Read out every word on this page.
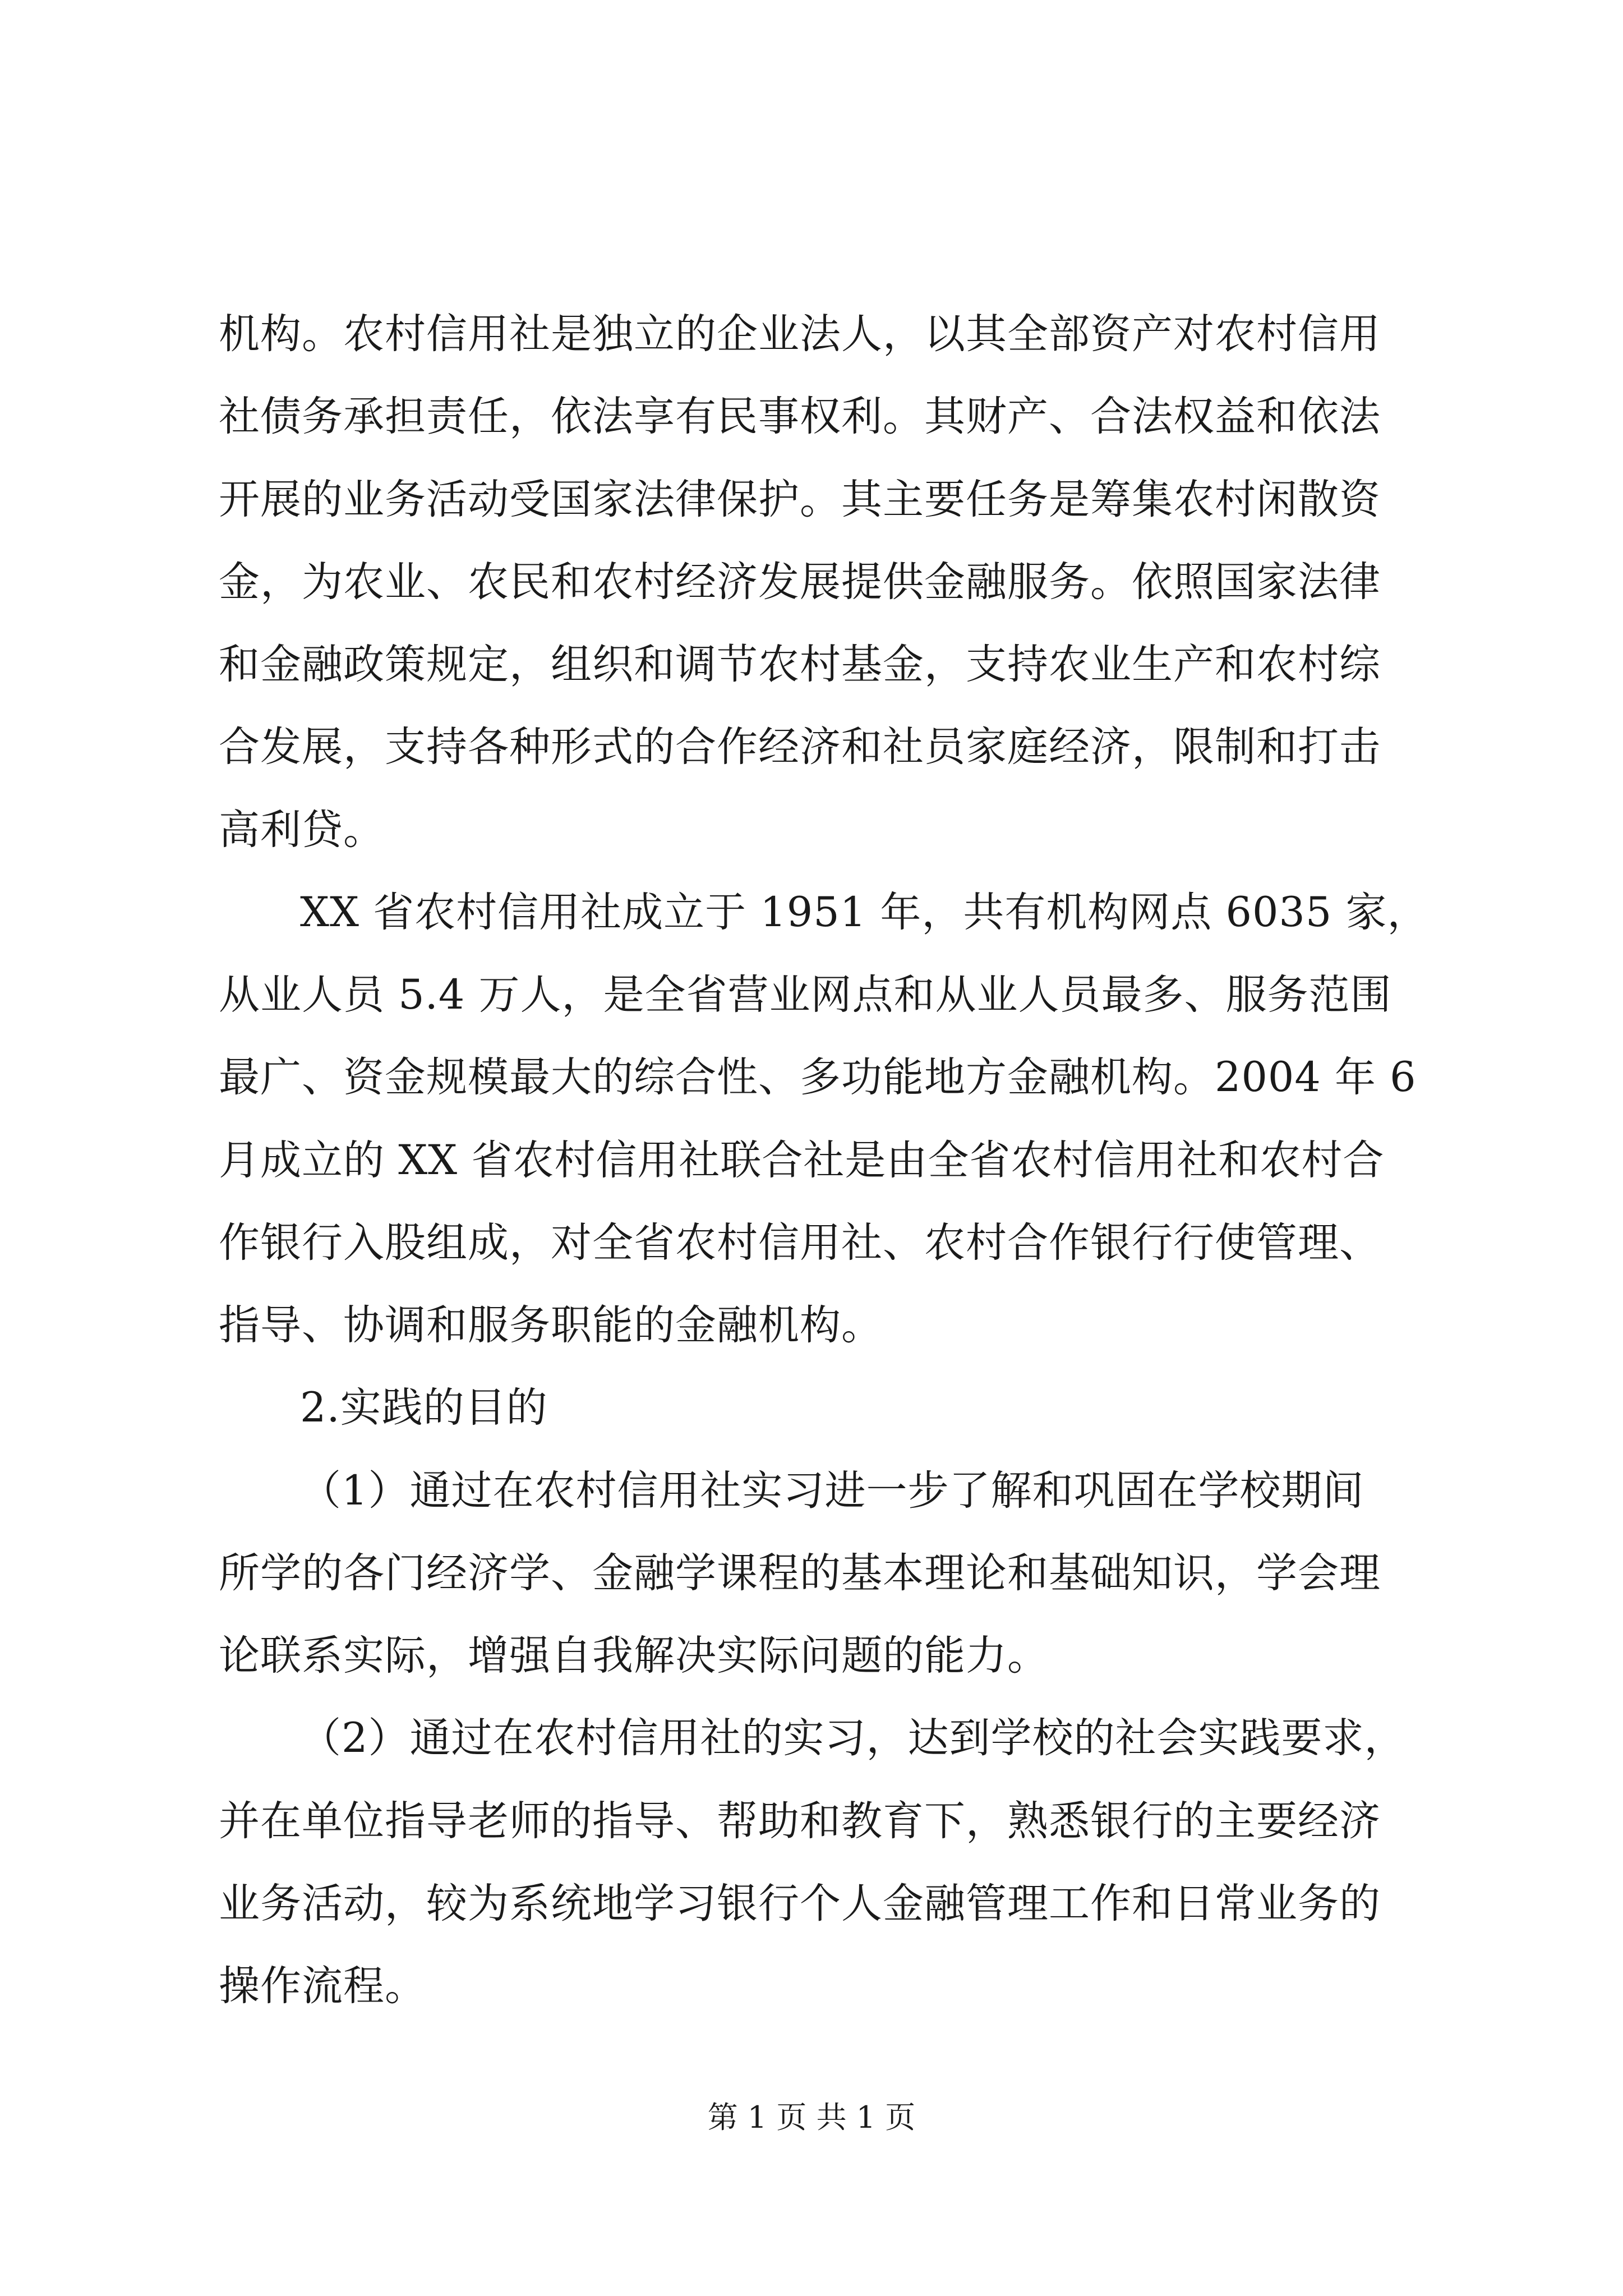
机构。农村信用社是独立的企业法人，以其全部资产对农村信用
社债务承担责任，依法享有民事权利。其财产、合法权益和依法
开展的业务活动受国家法律保护。其主要任务是筹集农村闲散资
金，为农业、农民和农村经济发展提供金融服务。依照国家法律
和金融政策规定，组织和调节农村基金，支持农业生产和农村综
合发展，支持各种形式的合作经济和社员家庭经济，限制和打击
高利贷。
XX 省农村信用社成立于 1951 年，共有机构网点 6035 家，
从业人员 5.4 万人，是全省营业网点和从业人员最多、服务范围
最广、资金规模最大的综合性、多功能地方金融机构。2004 年 6
月成立的 XX 省农村信用社联合社是由全省农村信用社和农村合
作银行入股组成，对全省农村信用社、农村合作银行行使管理、
指导、协调和服务职能的金融机构。
2.实践的目的
（1）通过在农村信用社实习进一步了解和巩固在学校期间
所学的各门经济学、金融学课程的基本理论和基础知识，学会理
论联系实际，增强自我解决实际问题的能力。
（2）通过在农村信用社的实习，达到学校的社会实践要求，
并在单位指导老师的指导、帮助和教育下，熟悉银行的主要经济
业务活动，较为系统地学习银行个人金融管理工作和日常业务的
操作流程。
第 1 页 共 1 页
